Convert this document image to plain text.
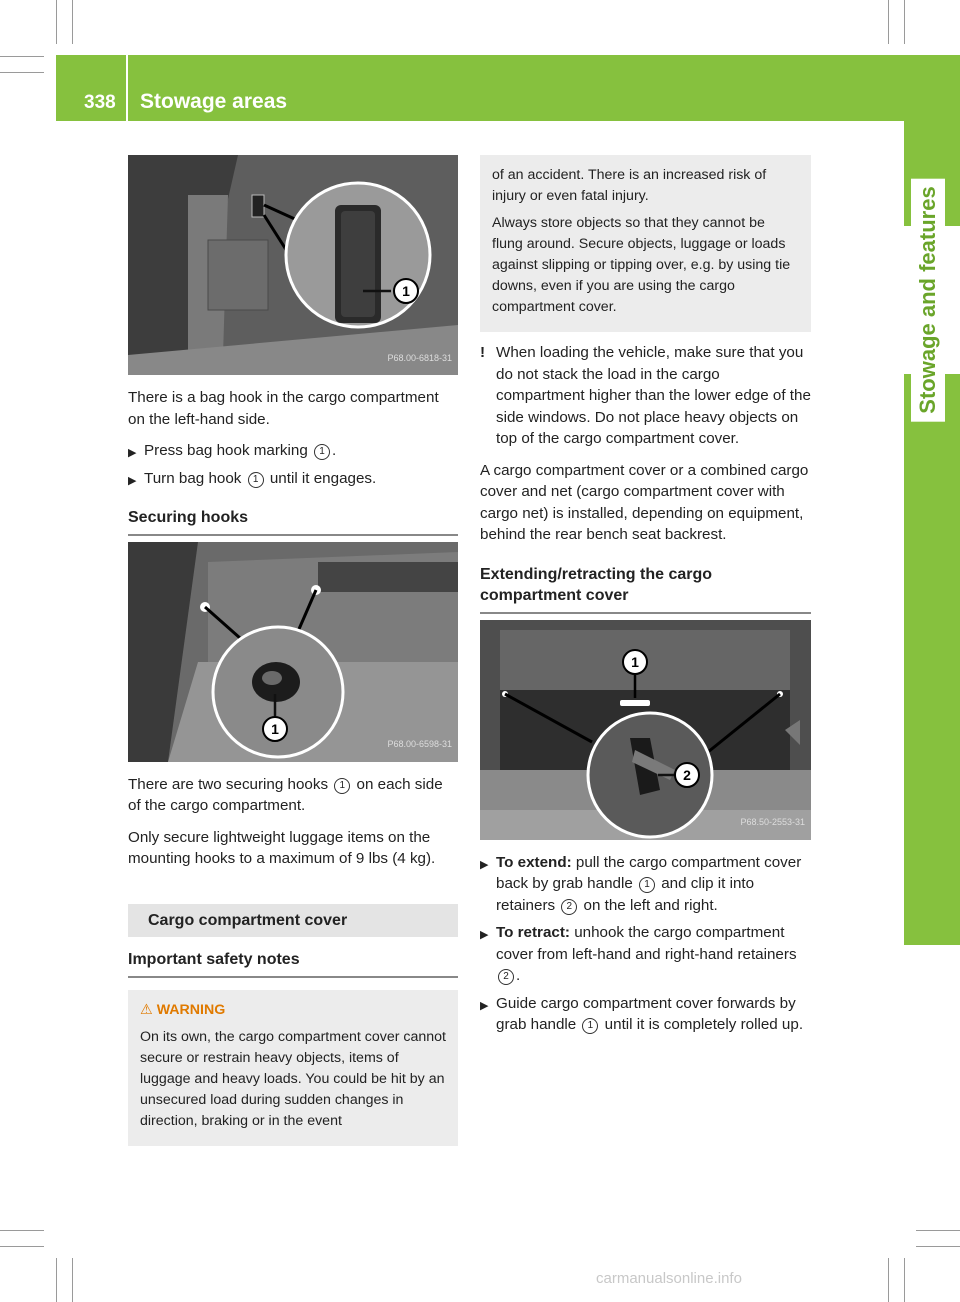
338 Stowage areas
Stowage and features
1
P68.00-6818-31

There is a bag hook in the cargo compartment on the left-hand side.

▶ Press bag hook marking 1 .
▶ Turn bag hook 1 until it engages.
Securing hooks
1
P68.00-6598-31

There are two securing hooks 1 on each side of the cargo compartment.

Only secure lightweight luggage items on the mounting hooks to a maximum of 9 lbs (4 kg).

Cargo compartment cover
Important safety notes
⚠ WARNING

On its own, the cargo compartment cover cannot secure or restrain heavy objects, items of luggage and heavy loads. You could be hit by an unsecured load during sudden changes in direction, braking or in the event

of an accident. There is an increased risk of injury or even fatal injury.

Always store objects so that they cannot be flung around. Secure objects, luggage or loads against slipping or tipping over, e.g. by using tie downs, even if you are using the cargo compartment cover.

! When loading the vehicle, make sure that you do not stack the load in the cargo compartment higher than the lower edge of the side windows. Do not place heavy objects on top of the cargo compartment cover.

A cargo compartment cover or a combined cargo cover and net (cargo compartment cover with cargo net) is installed, depending on equipment, behind the rear bench seat backrest.

Extending/retracting the cargo compartment cover
1
2
P68.50-2553-31
▶ To extend: pull the cargo compartment cover back by grab handle 1 and clip it into retainers 2 on the left and right.
▶ To retract: unhook the cargo compartment cover from left-hand and right-hand retainers 2 .
▶ Guide cargo compartment cover forwards by grab handle 1 until it is completely rolled up.
carmanualsonline.info
